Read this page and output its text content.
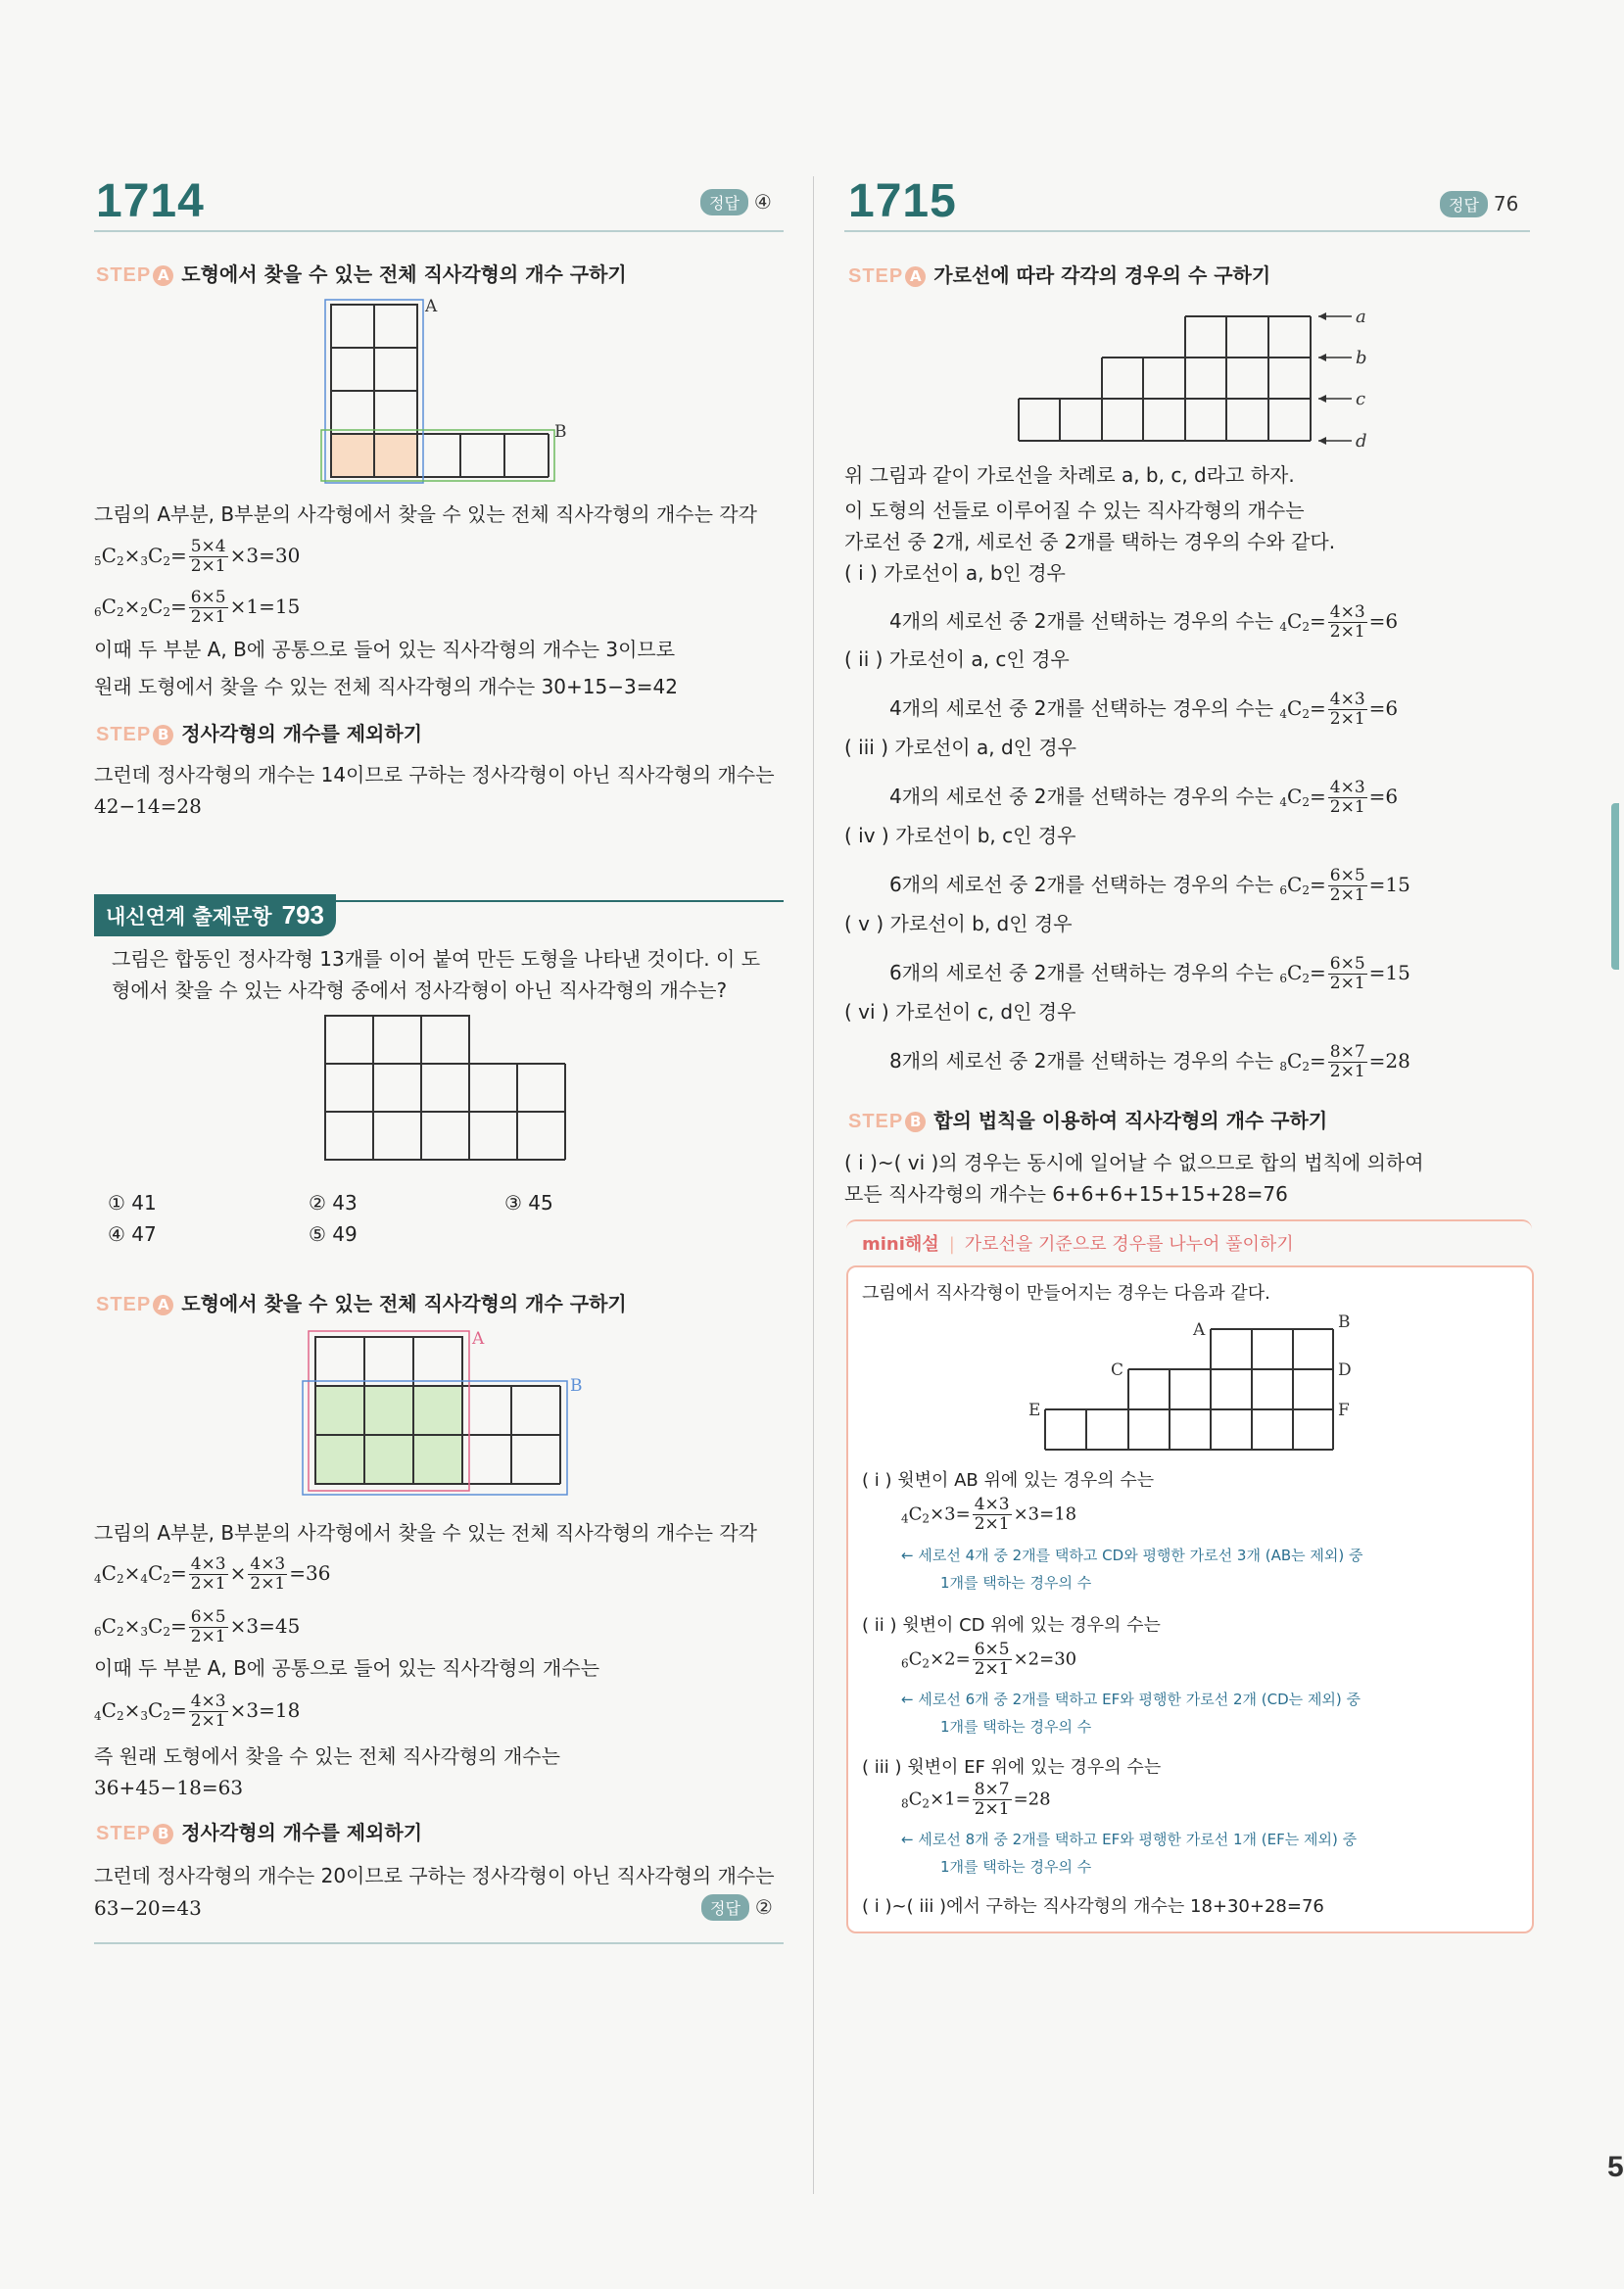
1714	정답 ④
STEP A 도형에서 찾을 수 있는 전체 직사각형의 개수 구하기
A
B
그림의 A부분, B부분의 사각형에서 찾을 수 있는 전체 직사각형의 개수는 각각
$5C_2\times 3C_2= \frac{5\times 4}{2\times 1} \times 3=30$
$6C_2\times 2C_2= \frac{6\times 5}{2\times 1} \times 1=15$
이때 두 부분 A, B에 공통으로 들어 있는 직사각형의 개수는 3이므로
원래 도형에서 찾을 수 있는 전체 직사각형의 개수는 30+15−3=42
STEP B 정사각형의 개수를 제외하기
그런데 정사각형의 개수는 14이므로 구하는 정사각형이 아닌 직사각형의 개수는
42−14=28
내신연계 출제문항 793
그림은 합동인 정사각형 13개를 이어 붙여 만든 도형을 나타낸 것이다. 이 도
형에서 찾을 수 있는 사각형 중에서 정사각형이 아닌 직사각형의 개수는?
① 41	② 43	③ 45
④ 47	⑤ 49
STEP A 도형에서 찾을 수 있는 전체 직사각형의 개수 구하기
A
B
그림의 A부분, B부분의 사각형에서 찾을 수 있는 전체 직사각형의 개수는 각각
$4C_2\times 4C_2= \frac{4\times 3}{2\times 1} \times \frac{4\times 3}{2\times 1} =36$
$6C_2\times 3C_2= \frac{6\times 5}{2\times 1} \times 3=45$
이때 두 부분 A, B에 공통으로 들어 있는 직사각형의 개수는
$4C_2\times 3C_2= \frac{4\times 3}{2\times 1} \times 3=18$
즉 원래 도형에서 찾을 수 있는 전체 직사각형의 개수는
36+45−18=63
STEP B 정사각형의 개수를 제외하기
그런데 정사각형의 개수는 20이므로 구하는 정사각형이 아닌 직사각형의 개수는
63−20=43	정답 ②
1715	정답 76
STEP A 가로선에 따라 각각의 경우의 수 구하기
a
b
c
d
위 그림과 같이 가로선을 차례로 a, b, c, d라고 하자.
이 도형의 선들로 이루어질 수 있는 직사각형의 개수는
가로선 중 2개, 세로선 중 2개를 택하는 경우의 수와 같다.
( i ) 가로선이 a, b인 경우
4개의 세로선 중 2개를 선택하는 경우의 수는 $4C_2= \frac{4\times 3}{2\times 1} =6$
( ii ) 가로선이 a, c인 경우
4개의 세로선 중 2개를 선택하는 경우의 수는 $4C_2= \frac{4\times 3}{2\times 1} =6$
( iii ) 가로선이 a, d인 경우
4개의 세로선 중 2개를 선택하는 경우의 수는 $4C_2= \frac{4\times 3}{2\times 1} =6$
( iv ) 가로선이 b, c인 경우
6개의 세로선 중 2개를 선택하는 경우의 수는 $6C_2= \frac{6\times 5}{2\times 1} =15$
( v ) 가로선이 b, d인 경우
6개의 세로선 중 2개를 선택하는 경우의 수는 $6C_2= \frac{6\times 5}{2\times 1} =15$
( vi ) 가로선이 c, d인 경우
8개의 세로선 중 2개를 선택하는 경우의 수는 $8C_2= \frac{8\times 7}{2\times 1} =28$
STEP B 합의 법칙을 이용하여 직사각형의 개수 구하기
( i )~( vi )의 경우는 동시에 일어날 수 없으므로 합의 법칙에 의하여
모든 직사각형의 개수는 6+6+6+15+15+28=76
mini해설 | 가로선을 기준으로 경우를 나누어 풀이하기
그림에서 직사각형이 만들어지는 경우는 다음과 같다.
A	B
C	D
E	F
( i ) 윗변이 AB 위에 있는 경우의 수는
$4C_2\times 3= \frac{4\times 3}{2\times 1} \times 3=18$
← 세로선 4개 중 2개를 택하고 CD와 평행한 가로선 3개 (AB는 제외) 중
1개를 택하는 경우의 수
( ii ) 윗변이 CD 위에 있는 경우의 수는
$6C_2\times 2= \frac{6\times 5}{2\times 1} \times 2=30$
← 세로선 6개 중 2개를 택하고 EF와 평행한 가로선 2개 (CD는 제외) 중
1개를 택하는 경우의 수
( iii ) 윗변이 EF 위에 있는 경우의 수는
$8C_2\times 1= \frac{8\times 7}{2\times 1} =28$
← 세로선 8개 중 2개를 택하고 EF와 평행한 가로선 1개 (EF는 제외) 중
1개를 택하는 경우의 수
( i )~( iii )에서 구하는 직사각형의 개수는 18+30+28=76
5
